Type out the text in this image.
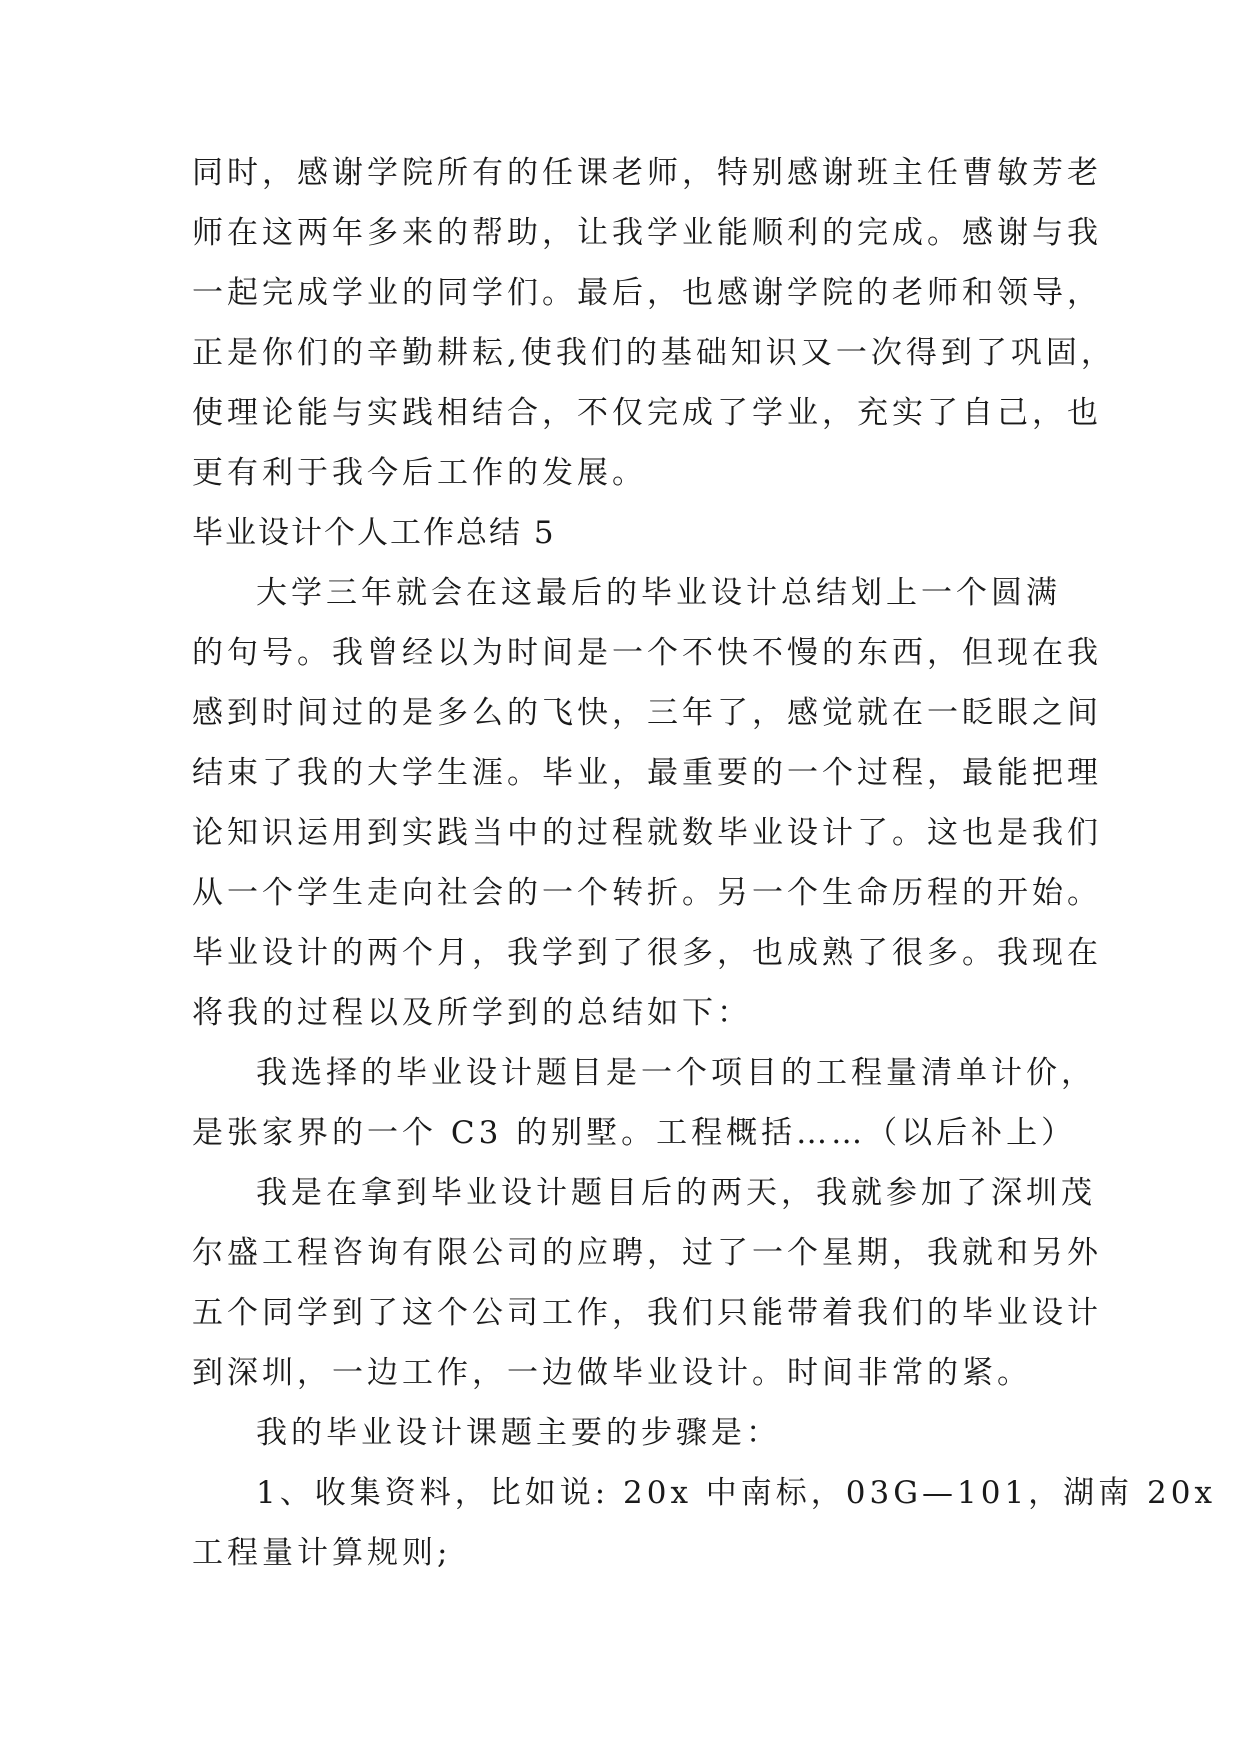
同时，感谢学院所有的任课老师，特别感谢班主任曹敏芳老
师在这两年多来的帮助，让我学业能顺利的完成。感谢与我
一起完成学业的同学们。最后，也感谢学院的老师和领导，
正是你们的辛勤耕耘,使我们的基础知识又一次得到了巩固，
使理论能与实践相结合，不仅完成了学业，充实了自己，也
更有利于我今后工作的发展。
毕业设计个人工作总结 5
大学三年就会在这最后的毕业设计总结划上一个圆满
的句号。我曾经以为时间是一个不快不慢的东西，但现在我
感到时间过的是多么的飞快，三年了，感觉就在一眨眼之间
结束了我的大学生涯。毕业，最重要的一个过程，最能把理
论知识运用到实践当中的过程就数毕业设计了。这也是我们
从一个学生走向社会的一个转折。另一个生命历程的开始。
毕业设计的两个月，我学到了很多，也成熟了很多。我现在
将我的过程以及所学到的总结如下：
我选择的毕业设计题目是一个项目的工程量清单计价，
是张家界的一个 C3 的别墅。工程概括……（以后补上）
我是在拿到毕业设计题目后的两天，我就参加了深圳茂
尔盛工程咨询有限公司的应聘，过了一个星期，我就和另外
五个同学到了这个公司工作，我们只能带着我们的毕业设计
到深圳，一边工作，一边做毕业设计。时间非常的紧。
我的毕业设计课题主要的步骤是：
1、收集资料，比如说: 20x 中南标，03G—101，湖南 20x
工程量计算规则;
